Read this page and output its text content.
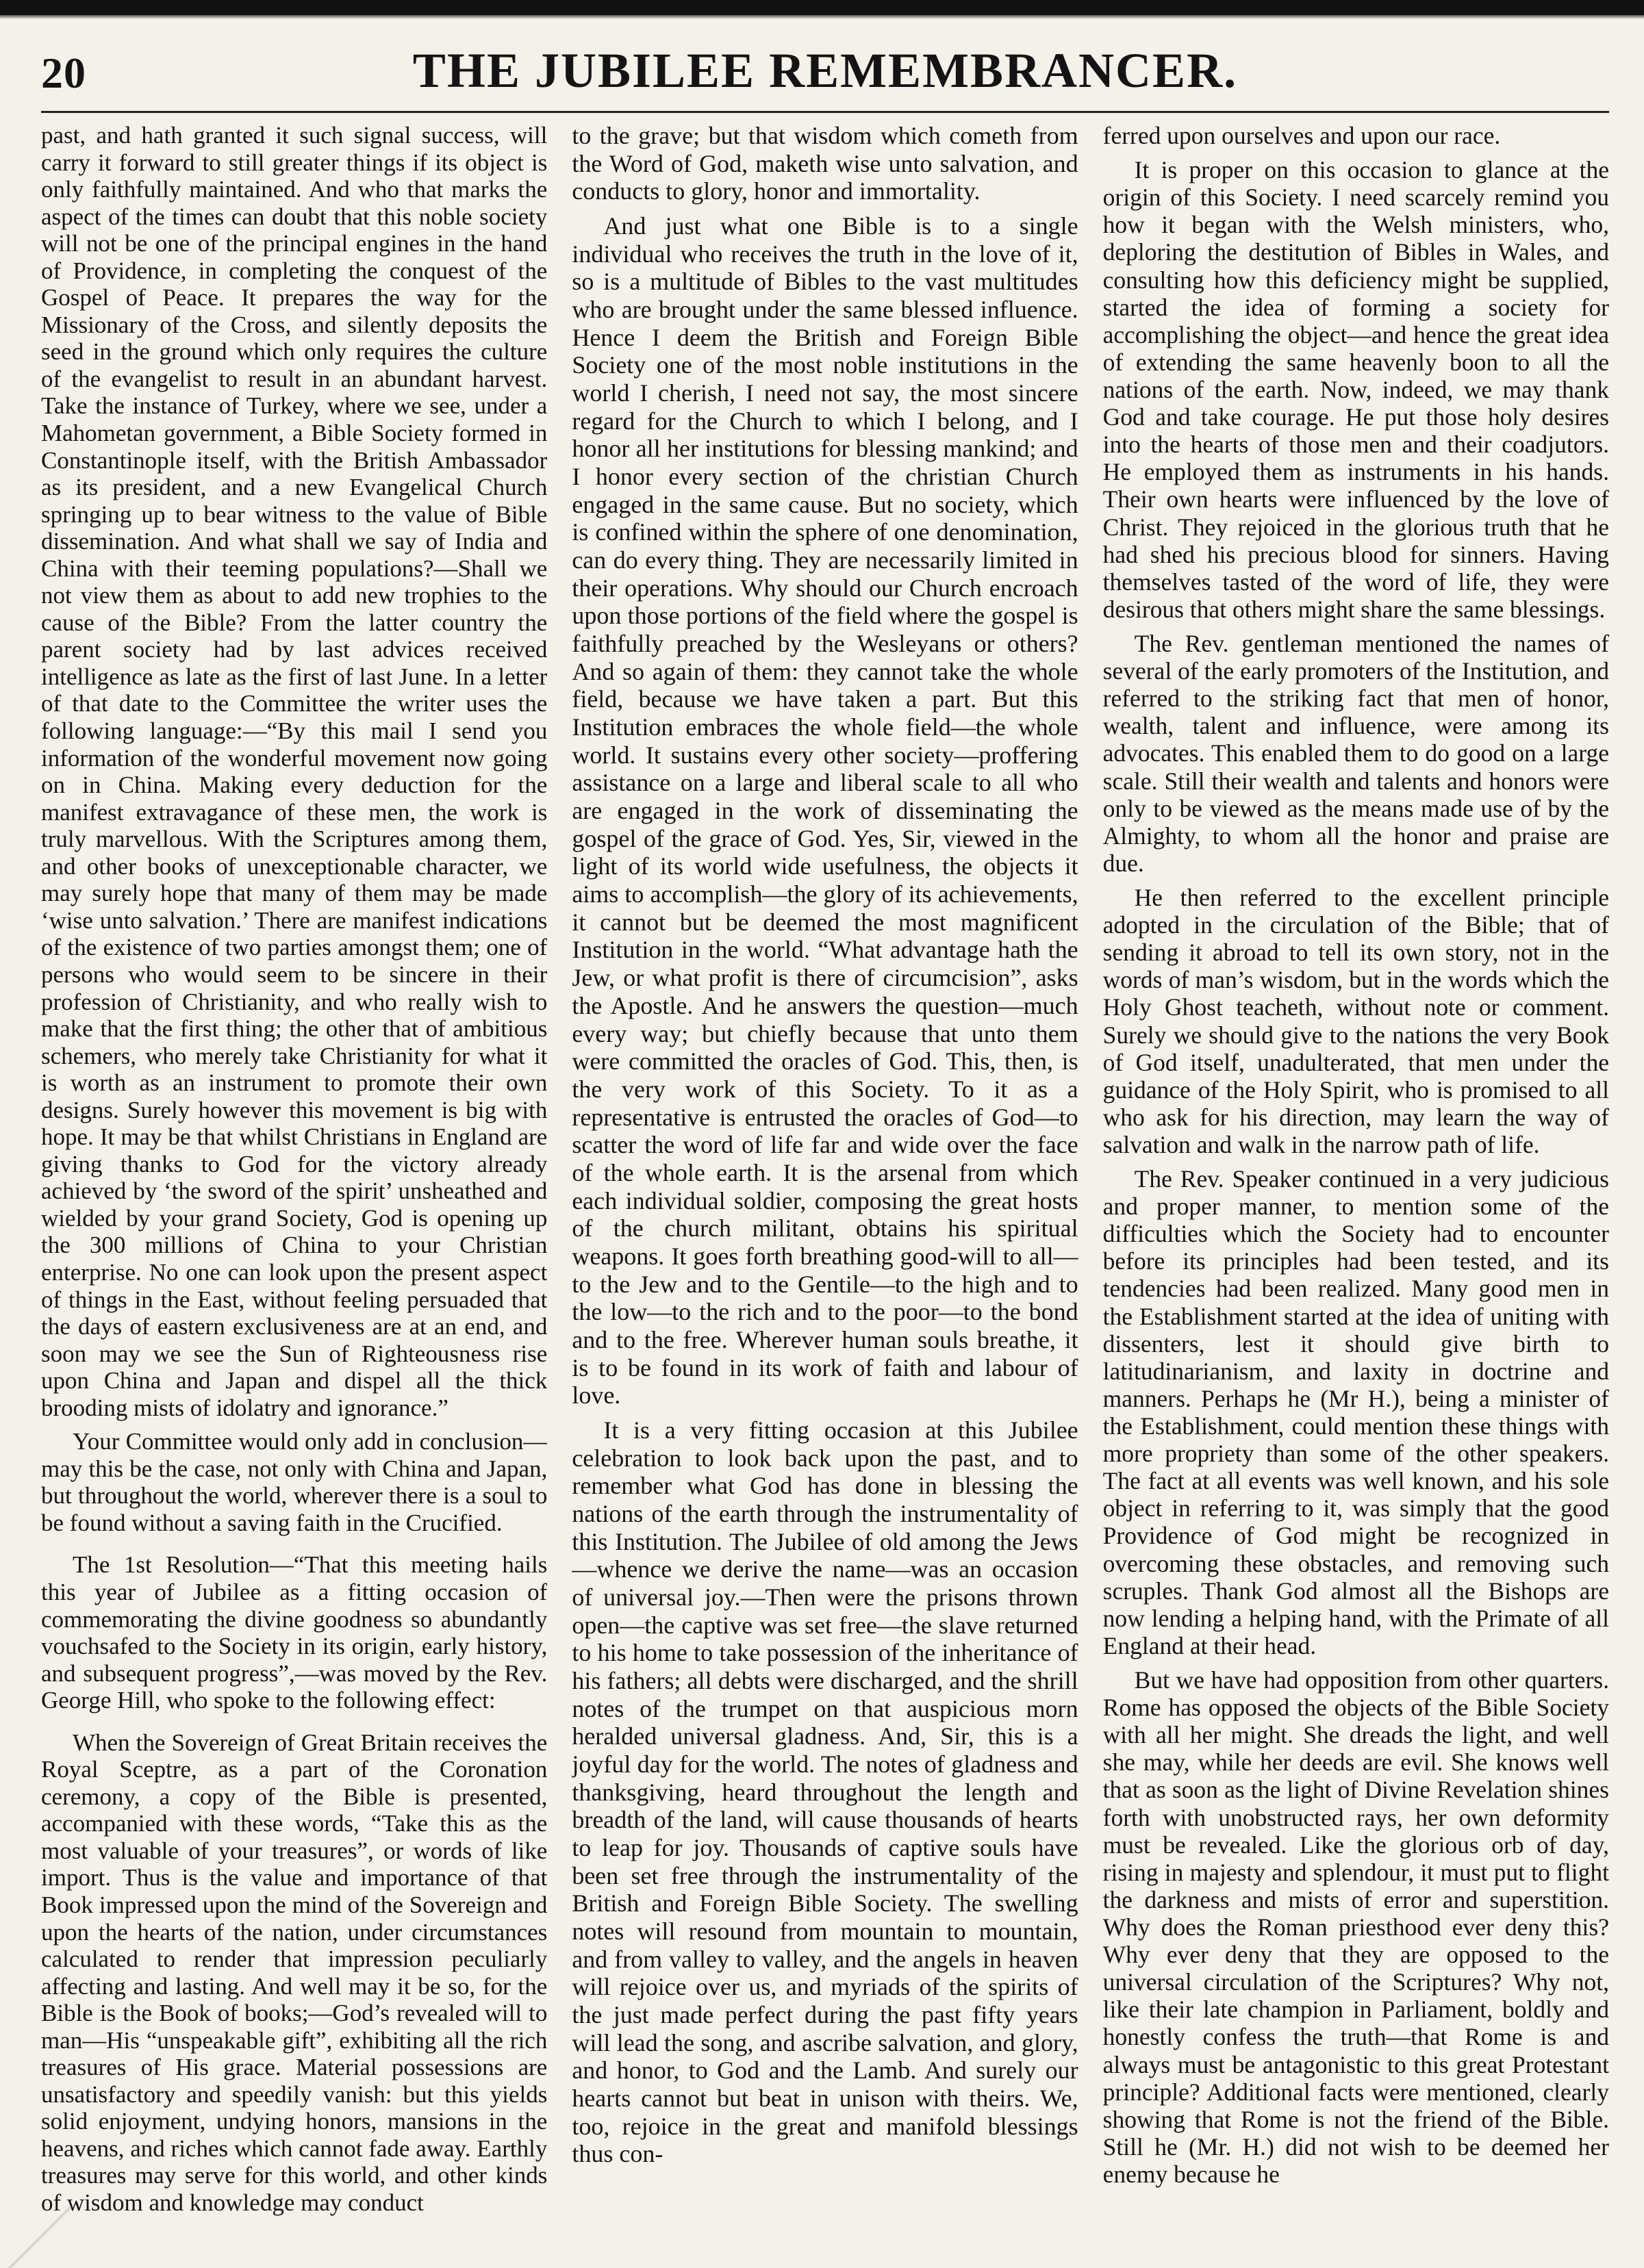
20	THE JUBILEE REMEMBRANCER.

past, and hath granted it such signal success, will carry it forward to still greater things if its object is only faithfully maintained. And who that marks the aspect of the times can doubt that this noble society will not be one of the principal engines in the hand of Providence, in completing the conquest of the Gospel of Peace. It prepares the way for the Missionary of the Cross, and silently deposits the seed in the ground which only requires the culture of the evangelist to result in an abundant harvest. Take the instance of Turkey, where we see, under a Mahometan government, a Bible Society formed in Constantinople itself, with the British Ambassador as its president, and a new Evangelical Church springing up to bear witness to the value of Bible dissemination. And what shall we say of India and China with their teeming populations?—Shall we not view them as about to add new trophies to the cause of the Bible? From the latter country the parent society had by last advices received intelligence as late as the first of last June. In a letter of that date to the Committee the writer uses the following language:—“By this mail I send you information of the wonderful movement now going on in China. Making every deduction for the manifest extravagance of these men, the work is truly marvellous. With the Scriptures among them, and other books of unexceptionable character, we may surely hope that many of them may be made ‘wise unto salvation.’ There are manifest indications of the existence of two parties amongst them; one of persons who would seem to be sincere in their profession of Christianity, and who really wish to make that the first thing; the other that of ambitious schemers, who merely take Christianity for what it is worth as an instrument to promote their own designs. Surely however this movement is big with hope. It may be that whilst Christians in England are giving thanks to God for the victory already achieved by ‘the sword of the spirit’ unsheathed and wielded by your grand Society, God is opening up the 300 millions of China to your Christian enterprise. No one can look upon the present aspect of things in the East, without feeling persuaded that the days of eastern exclusiveness are at an end, and soon may we see the Sun of Righteousness rise upon China and Japan and dispel all the thick brooding mists of idolatry and ignorance.”

Your Committee would only add in conclusion—may this be the case, not only with China and Japan, but throughout the world, wherever there is a soul to be found without a saving faith in the Crucified.

The 1st Resolution—“That this meeting hails this year of Jubilee as a fitting occasion of commemorating the divine goodness so abundantly vouchsafed to the Society in its origin, early history, and subsequent progress”,—was moved by the Rev. George Hill, who spoke to the following effect:

When the Sovereign of Great Britain receives the Royal Sceptre, as a part of the Coronation ceremony, a copy of the Bible is presented, accompanied with these words, “Take this as the most valuable of your treasures”, or words of like import. Thus is the value and importance of that Book impressed upon the mind of the Sovereign and upon the hearts of the nation, under circumstances calculated to render that impression peculiarly affecting and lasting. And well may it be so, for the Bible is the Book of books;—God’s revealed will to man—His “unspeakable gift”, exhibiting all the rich treasures of His grace. Material possessions are unsatisfactory and speedily vanish: but this yields solid enjoyment, undying honors, mansions in the heavens, and riches which cannot fade away. Earthly treasures may serve for this world, and other kinds of wisdom and knowledge may conduct

to the grave; but that wisdom which cometh from the Word of God, maketh wise unto salvation, and conducts to glory, honor and immortality.

And just what one Bible is to a single individual who receives the truth in the love of it, so is a multitude of Bibles to the vast multitudes who are brought under the same blessed influence. Hence I deem the British and Foreign Bible Society one of the most noble institutions in the world I cherish, I need not say, the most sincere regard for the Church to which I belong, and I honor all her institutions for blessing mankind; and I honor every section of the christian Church engaged in the same cause. But no society, which is confined within the sphere of one denomination, can do every thing. They are necessarily limited in their operations. Why should our Church encroach upon those portions of the field where the gospel is faithfully preached by the Wesleyans or others? And so again of them: they cannot take the whole field, because we have taken a part. But this Institution embraces the whole field—the whole world. It sustains every other society—proffering assistance on a large and liberal scale to all who are engaged in the work of disseminating the gospel of the grace of God. Yes, Sir, viewed in the light of its world wide usefulness, the objects it aims to accomplish—the glory of its achievements, it cannot but be deemed the most magnificent Institution in the world. “What advantage hath the Jew, or what profit is there of circumcision”, asks the Apostle. And he answers the question—much every way; but chiefly because that unto them were committed the oracles of God. This, then, is the very work of this Society. To it as a representative is entrusted the oracles of God—to scatter the word of life far and wide over the face of the whole earth. It is the arsenal from which each individual soldier, composing the great hosts of the church militant, obtains his spiritual weapons. It goes forth breathing good-will to all—to the Jew and to the Gentile—to the high and to the low—to the rich and to the poor—to the bond and to the free. Wherever human souls breathe, it is to be found in its work of faith and labour of love.

It is a very fitting occasion at this Jubilee celebration to look back upon the past, and to remember what God has done in blessing the nations of the earth through the instrumentality of this Institution. The Jubilee of old among the Jews—whence we derive the name—was an occasion of universal joy.—Then were the prisons thrown open—the captive was set free—the slave returned to his home to take possession of the inheritance of his fathers; all debts were discharged, and the shrill notes of the trumpet on that auspicious morn heralded universal gladness. And, Sir, this is a joyful day for the world. The notes of gladness and thanksgiving, heard throughout the length and breadth of the land, will cause thousands of hearts to leap for joy. Thousands of captive souls have been set free through the instrumentality of the British and Foreign Bible Society. The swelling notes will resound from mountain to mountain, and from valley to valley, and the angels in heaven will rejoice over us, and myriads of the spirits of the just made perfect during the past fifty years will lead the song, and ascribe salvation, and glory, and honor, to God and the Lamb. And surely our hearts cannot but beat in unison with theirs. We, too, rejoice in the great and manifold blessings thus con-

ferred upon ourselves and upon our race.

It is proper on this occasion to glance at the origin of this Society. I need scarcely remind you how it began with the Welsh ministers, who, deploring the destitution of Bibles in Wales, and consulting how this deficiency might be supplied, started the idea of forming a society for accomplishing the object—and hence the great idea of extending the same heavenly boon to all the nations of the earth. Now, indeed, we may thank God and take courage. He put those holy desires into the hearts of those men and their coadjutors. He employed them as instruments in his hands. Their own hearts were influenced by the love of Christ. They rejoiced in the glorious truth that he had shed his precious blood for sinners. Having themselves tasted of the word of life, they were desirous that others might share the same blessings.

The Rev. gentleman mentioned the names of several of the early promoters of the Institution, and referred to the striking fact that men of honor, wealth, talent and influence, were among its advocates. This enabled them to do good on a large scale. Still their wealth and talents and honors were only to be viewed as the means made use of by the Almighty, to whom all the honor and praise are due.

He then referred to the excellent principle adopted in the circulation of the Bible; that of sending it abroad to tell its own story, not in the words of man’s wisdom, but in the words which the Holy Ghost teacheth, without note or comment. Surely we should give to the nations the very Book of God itself, unadulterated, that men under the guidance of the Holy Spirit, who is promised to all who ask for his direction, may learn the way of salvation and walk in the narrow path of life.

The Rev. Speaker continued in a very judicious and proper manner, to mention some of the difficulties which the Society had to encounter before its principles had been tested, and its tendencies had been realized. Many good men in the Establishment started at the idea of uniting with dissenters, lest it should give birth to latitudinarianism, and laxity in doctrine and manners. Perhaps he (Mr H.), being a minister of the Establishment, could mention these things with more propriety than some of the other speakers. The fact at all events was well known, and his sole object in referring to it, was simply that the good Providence of God might be recognized in overcoming these obstacles, and removing such scruples. Thank God almost all the Bishops are now lending a helping hand, with the Primate of all England at their head.

But we have had opposition from other quarters. Rome has opposed the objects of the Bible Society with all her might. She dreads the light, and well she may, while her deeds are evil. She knows well that as soon as the light of Divine Revelation shines forth with unobstructed rays, her own deformity must be revealed. Like the glorious orb of day, rising in majesty and splendour, it must put to flight the darkness and mists of error and superstition. Why does the Roman priesthood ever deny this? Why ever deny that they are opposed to the universal circulation of the Scriptures? Why not, like their late champion in Parliament, boldly and honestly confess the truth—that Rome is and always must be antagonistic to this great Protestant principle? Additional facts were mentioned, clearly showing that Rome is not the friend of the Bible. Still he (Mr. H.) did not wish to be deemed her enemy because he
